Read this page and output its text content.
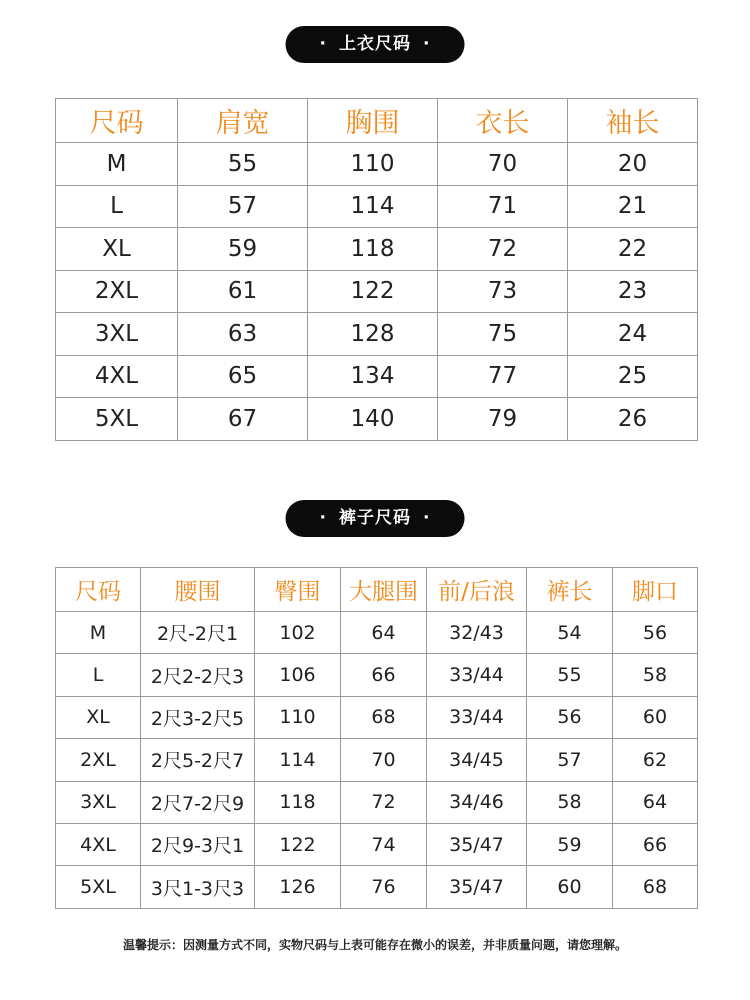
· 上衣尺码 ·
尺码	肩宽	胸围	衣长	袖长
M	55	110	70	20
L	57	114	71	21
XL	59	118	72	22
2XL	61	122	73	23
3XL	63	128	75	24
4XL	65	134	77	25
5XL	67	140	79	26
· 裤子尺码 ·
尺码	腰围	臀围	大腿围	前/后浪	裤长	脚口
M	2尺-2尺1	102	64	32/43	54	56
L	2尺2-2尺3	106	66	33/44	55	58
XL	2尺3-2尺5	110	68	33/44	56	60
2XL	2尺5-2尺7	114	70	34/45	57	62
3XL	2尺7-2尺9	118	72	34/46	58	64
4XL	2尺9-3尺1	122	74	35/47	59	66
5XL	3尺1-3尺3	126	76	35/47	60	68
温馨提示：因测量方式不同，实物尺码与上表可能存在微小的误差，并非质量问题，请您理解。
